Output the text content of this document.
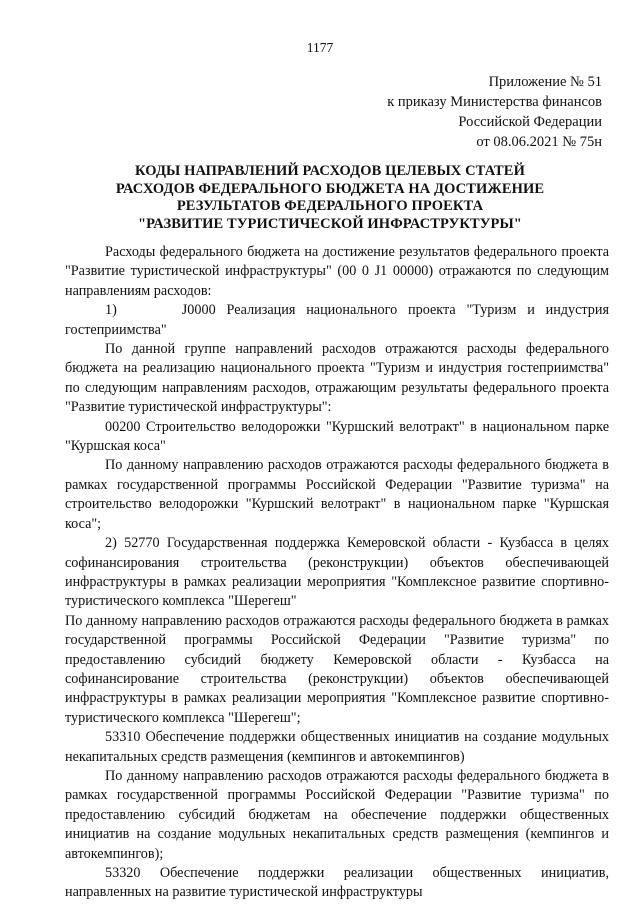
1177
Приложение № 51
к приказу Министерства финансов
Российской Федерации
от 08.06.2021 № 75н
КОДЫ НАПРАВЛЕНИЙ РАСХОДОВ ЦЕЛЕВЫХ СТАТЕЙ
РАСХОДОВ ФЕДЕРАЛЬНОГО БЮДЖЕТА НА ДОСТИЖЕНИЕ
РЕЗУЛЬТАТОВ ФЕДЕРАЛЬНОГО ПРОЕКТА
"РАЗВИТИЕ ТУРИСТИЧЕСКОЙ ИНФРАСТРУКТУРЫ"

Расходы федерального бюджета на достижение результатов федерального проекта "Развитие туристической инфраструктуры" (00 0 J1 00000) отражаются по следующим направлениям расходов:

1)      J0000 Реализация национального проекта "Туризм и индустрия гостеприимства"

По данной группе направлений расходов отражаются расходы федерального бюджета на реализацию национального проекта "Туризм и индустрия гостеприимства" по следующим направлениям расходов, отражающим результаты федерального проекта "Развитие туристической инфраструктуры":

00200 Строительство велодорожки "Куршский велотракт" в национальном парке "Куршская коса"

По данному направлению расходов отражаются расходы федерального бюджета в рамках государственной программы Российской Федерации "Развитие туризма" на строительство велодорожки "Куршский велотракт" в национальном парке "Куршская коса";

2) 52770 Государственная поддержка Кемеровской области - Кузбасса в целях софинансирования строительства (реконструкции) объектов обеспечивающей инфраструктуры в рамках реализации мероприятия "Комплексное развитие спортивно-туристического комплекса "Шерегеш"

По данному направлению расходов отражаются расходы федерального бюджета в рамках государственной программы Российской Федерации "Развитие туризма" по предоставлению субсидий бюджету Кемеровской области - Кузбасса на софинансирование строительства (реконструкции) объектов обеспечивающей инфраструктуры в рамках реализации мероприятия "Комплексное развитие спортивно-туристического комплекса "Шерегеш";

53310 Обеспечение поддержки общественных инициатив на создание модульных некапитальных средств размещения (кемпингов и автокемпингов)

По данному направлению расходов отражаются расходы федерального бюджета в рамках государственной программы Российской Федерации "Развитие туризма" по предоставлению субсидий бюджетам на обеспечение поддержки общественных инициатив на создание модульных некапитальных средств размещения (кемпингов и автокемпингов);

53320 Обеспечение поддержки реализации общественных инициатив, направленных на развитие туристической инфраструктуры
